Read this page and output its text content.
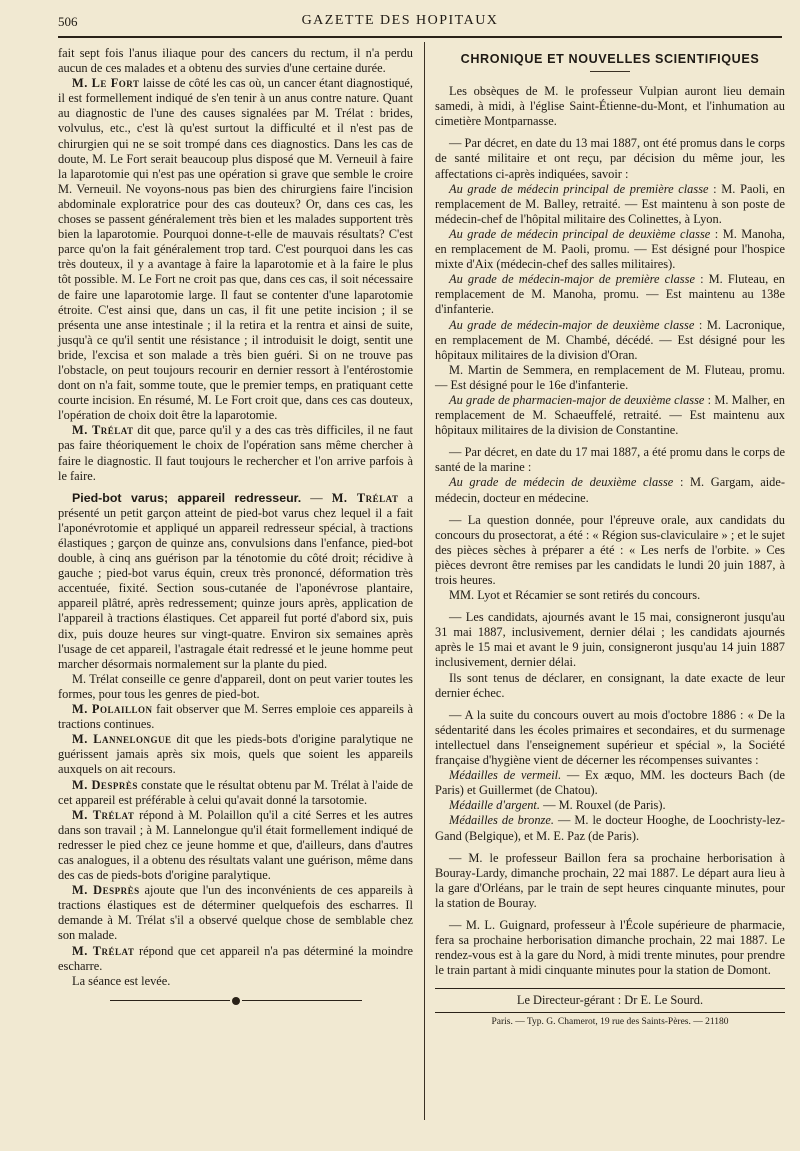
506	GAZETTE DES HOPITAUX

fait sept fois l'anus iliaque pour des cancers du rectum, il n'a perdu aucun de ces malades et a obtenu des survies d'une certaine durée.

M. Le Fort laisse de côté les cas où, un cancer étant diagnostiqué, il est formellement indiqué de s'en tenir à un anus contre nature. Quant au diagnostic de l'une des causes signalées par M. Trélat : brides, volvulus, etc., c'est là qu'est surtout la difficulté et il n'est pas de chirurgien qui ne se soit trompé dans ces diagnostics. Dans les cas de doute, M. Le Fort serait beaucoup plus disposé que M. Verneuil à faire la laparotomie qui n'est pas une opération si grave que semble le croire M. Verneuil. Ne voyons-nous pas bien des chirurgiens faire l'incision abdominale exploratrice pour des cas douteux? Or, dans ces cas, les choses se passent généralement très bien et les malades supportent très bien la laparotomie. Pourquoi donne-t-elle de mauvais résultats? C'est parce qu'on la fait généralement trop tard. C'est pourquoi dans les cas très douteux, il y a avantage à faire la laparotomie et à la faire le plus tôt possible. M. Le Fort ne croit pas que, dans ces cas, il soit nécessaire de faire une laparotomie large. Il faut se contenter d'une laparotomie étroite. C'est ainsi que, dans un cas, il fit une petite incision ; il se présenta une anse intestinale ; il la retira et la rentra et ainsi de suite, jusqu'à ce qu'il sentit une résistance ; il introduisit le doigt, sentit une bride, l'excisa et son malade a très bien guéri. Si on ne trouve pas l'obstacle, on peut toujours recourir en dernier ressort à l'entérostomie dont on n'a fait, somme toute, que le premier temps, en pratiquant cette courte incision. En résumé, M. Le Fort croit que, dans ces cas douteux, l'opération de choix doit être la laparotomie.

M. Trélat dit que, parce qu'il y a des cas très difficiles, il ne faut pas faire théoriquement le choix de l'opération sans même chercher à faire le diagnostic. Il faut toujours le rechercher et l'on arrive parfois à le faire.

Pied-bot varus; appareil redresseur. — M. Trélat a présenté un petit garçon atteint de pied-bot varus chez lequel il a fait l'aponévrotomie et appliqué un appareil redresseur spécial, à tractions élastiques ; garçon de quinze ans, convulsions dans l'enfance, pied-bot double, à cinq ans guérison par la ténotomie du côté droit; récidive à gauche ; pied-bot varus équin, creux très prononcé, déformation très accentuée, fixité. Section sous-cutanée de l'aponévrose plantaire, appareil plâtré, après redressement; quinze jours après, application de l'appareil à tractions élastiques. Cet appareil fut porté d'abord six, puis dix, puis douze heures sur vingt-quatre. Environ six semaines après l'usage de cet appareil, l'astragale était redressé et le jeune homme peut marcher désormais normalement sur la plante du pied.

M. Trélat conseille ce genre d'appareil, dont on peut varier toutes les formes, pour tous les genres de pied-bot.

M. Polaillon fait observer que M. Serres emploie ces appareils à tractions continues.

M. Lannelongue dit que les pieds-bots d'origine paralytique ne guérissent jamais après six mois, quels que soient les appareils auxquels on ait recours.

M. Desprès constate que le résultat obtenu par M. Trélat à l'aide de cet appareil est préférable à celui qu'avait donné la tarsotomie.

M. Trélat répond à M. Polaillon qu'il a cité Serres et les autres dans son travail ; à M. Lannelongue qu'il était formellement indiqué de redresser le pied chez ce jeune homme et que, d'ailleurs, dans d'autres cas analogues, il a obtenu des résultats valant une guérison, même dans des cas de pieds-bots d'origine paralytique.

M. Desprès ajoute que l'un des inconvénients de ces appareils à tractions élastiques est de déterminer quelquefois des escharres. Il demande à M. Trélat s'il a observé quelque chose de semblable chez son malade.

M. Trélat répond que cet appareil n'a pas déterminé la moindre escharre.

La séance est levée.

CHRONIQUE ET NOUVELLES SCIENTIFIQUES

Les obsèques de M. le professeur Vulpian auront lieu demain samedi, à midi, à l'église Saint-Étienne-du-Mont, et l'inhumation au cimetière Montparnasse.

— Par décret, en date du 13 mai 1887, ont été promus dans le corps de santé militaire et ont reçu, par décision du même jour, les affectations ci-après indiquées, savoir :

Au grade de médecin principal de première classe : M. Paoli, en remplacement de M. Balley, retraité. — Est maintenu à son poste de médecin-chef de l'hôpital militaire des Colinettes, à Lyon.

Au grade de médecin principal de deuxième classe : M. Manoha, en remplacement de M. Paoli, promu. — Est désigné pour l'hospice mixte d'Aix (médecin-chef des salles militaires).

Au grade de médecin-major de première classe : M. Fluteau, en remplacement de M. Manoha, promu. — Est maintenu au 138e d'infanterie.

Au grade de médecin-major de deuxième classe : M. Lacronique, en remplacement de M. Chambé, décédé. — Est désigné pour les hôpitaux militaires de la division d'Oran.

M. Martin de Semmera, en remplacement de M. Fluteau, promu. — Est désigné pour le 16e d'infanterie.

Au grade de pharmacien-major de deuxième classe : M. Malher, en remplacement de M. Schaeuffelé, retraité. — Est maintenu aux hôpitaux militaires de la division de Constantine.

— Par décret, en date du 17 mai 1887, a été promu dans le corps de santé de la marine :

Au grade de médecin de deuxième classe : M. Gargam, aide-médecin, docteur en médecine.

— La question donnée, pour l'épreuve orale, aux candidats du concours du prosectorat, a été : « Région sus-claviculaire » ; et le sujet des pièces sèches à préparer a été : « Les nerfs de l'orbite. » Ces pièces devront être remises par les candidats le lundi 20 juin 1887, à trois heures.

MM. Lyot et Récamier se sont retirés du concours.

— Les candidats, ajournés avant le 15 mai, consigneront jusqu'au 31 mai 1887, inclusivement, dernier délai ; les candidats ajournés après le 15 mai et avant le 9 juin, consigneront jusqu'au 14 juin 1887 inclusivement, dernier délai.

Ils sont tenus de déclarer, en consignant, la date exacte de leur dernier échec.

— A la suite du concours ouvert au mois d'octobre 1886 : « De la sédentarité dans les écoles primaires et secondaires, et du surmenage intellectuel dans l'enseignement supérieur et spécial », la Société française d'hygiène vient de décerner les récompenses suivantes :

Médailles de vermeil. — Ex æquo, MM. les docteurs Bach (de Paris) et Guillermet (de Chatou).

Médaille d'argent. — M. Rouxel (de Paris).

Médailles de bronze. — M. le docteur Hooghe, de Loochristy-lez-Gand (Belgique), et M. E. Paz (de Paris).

— M. le professeur Baillon fera sa prochaine herborisation à Bouray-Lardy, dimanche prochain, 22 mai 1887. Le départ aura lieu à la gare d'Orléans, par le train de sept heures cinquante minutes, pour la station de Bouray.

— M. L. Guignard, professeur à l'École supérieure de pharmacie, fera sa prochaine herborisation dimanche prochain, 22 mai 1887. Le rendez-vous est à la gare du Nord, à midi trente minutes, pour prendre le train partant à midi cinquante minutes pour la station de Domont.

Le Directeur-gérant : Dr E. Le Sourd.
Paris. — Typ. G. Chamerot, 19 rue des Saints-Pères. — 21180
